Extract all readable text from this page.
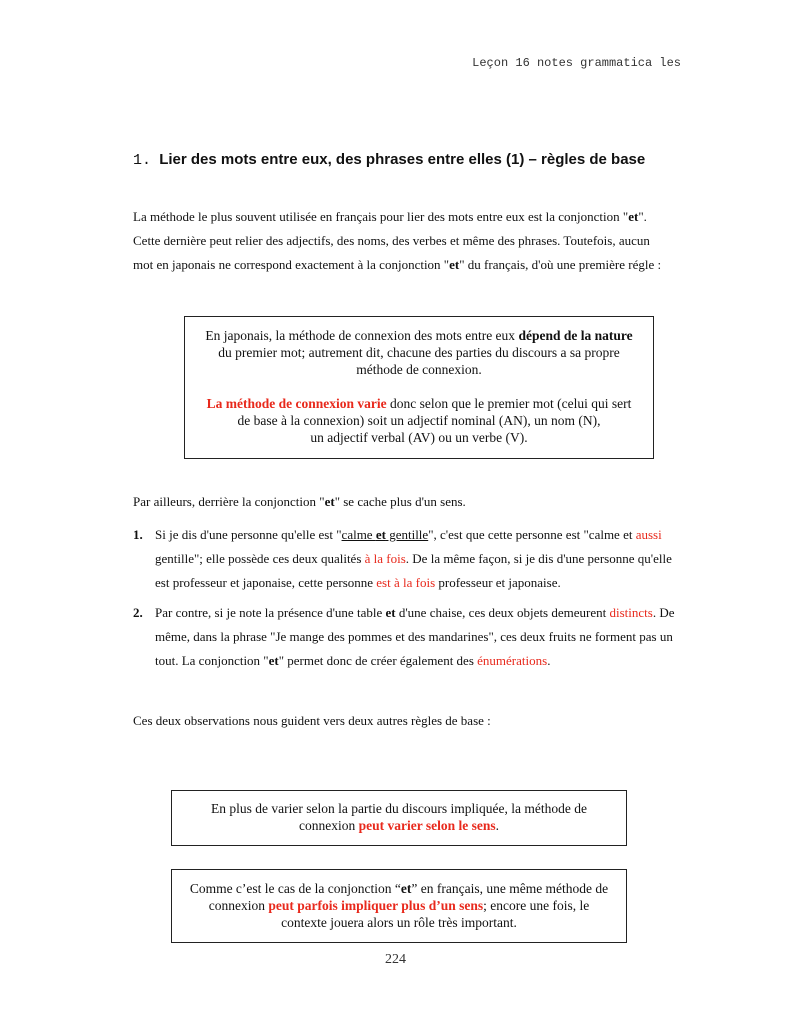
Leçon 16 notes grammatica les
1. Lier des mots entre eux, des phrases entre elles (1) – règles de base
La méthode le plus souvent utilisée en français pour lier des mots entre eux est la conjonction "et". Cette dernière peut relier des adjectifs, des noms, des verbes et même des phrases. Toutefois, aucun mot en japonais ne correspond exactement à la conjonction "et" du français, d'où une première régle :
En japonais, la méthode de connexion des mots entre eux dépend de la nature du premier mot; autrement dit, chacune des parties du discours a sa propre méthode de connexion.
La méthode de connexion varie donc selon que le premier mot (celui qui sert de base à la connexion) soit un adjectif nominal (AN), un nom (N),
un adjectif verbal (AV) ou un verbe (V).
Par ailleurs, derrière la conjonction "et" se cache plus d'un sens.
1. Si je dis d'une personne qu'elle est "calme et gentille", c'est que cette personne est "calme et aussi gentille"; elle possède ces deux qualités à la fois. De la même façon, si je dis d'une personne qu'elle est professeur et japonaise, cette personne est à la fois professeur et japonaise.
2. Par contre, si je note la présence d'une table et d'une chaise, ces deux objets demeurent distincts. De même, dans la phrase "Je mange des pommes et des mandarines", ces deux fruits ne forment pas un tout. La conjonction "et" permet donc de créer également des énumérations.
Ces deux observations nous guident vers deux autres règles de base :
En plus de varier selon la partie du discours impliquée, la méthode de connexion peut varier selon le sens.
Comme c’est le cas de la conjonction “et” en français, une même méthode de connexion peut parfois impliquer plus d’un sens; encore une fois, le contexte jouera alors un rôle très important.
224
